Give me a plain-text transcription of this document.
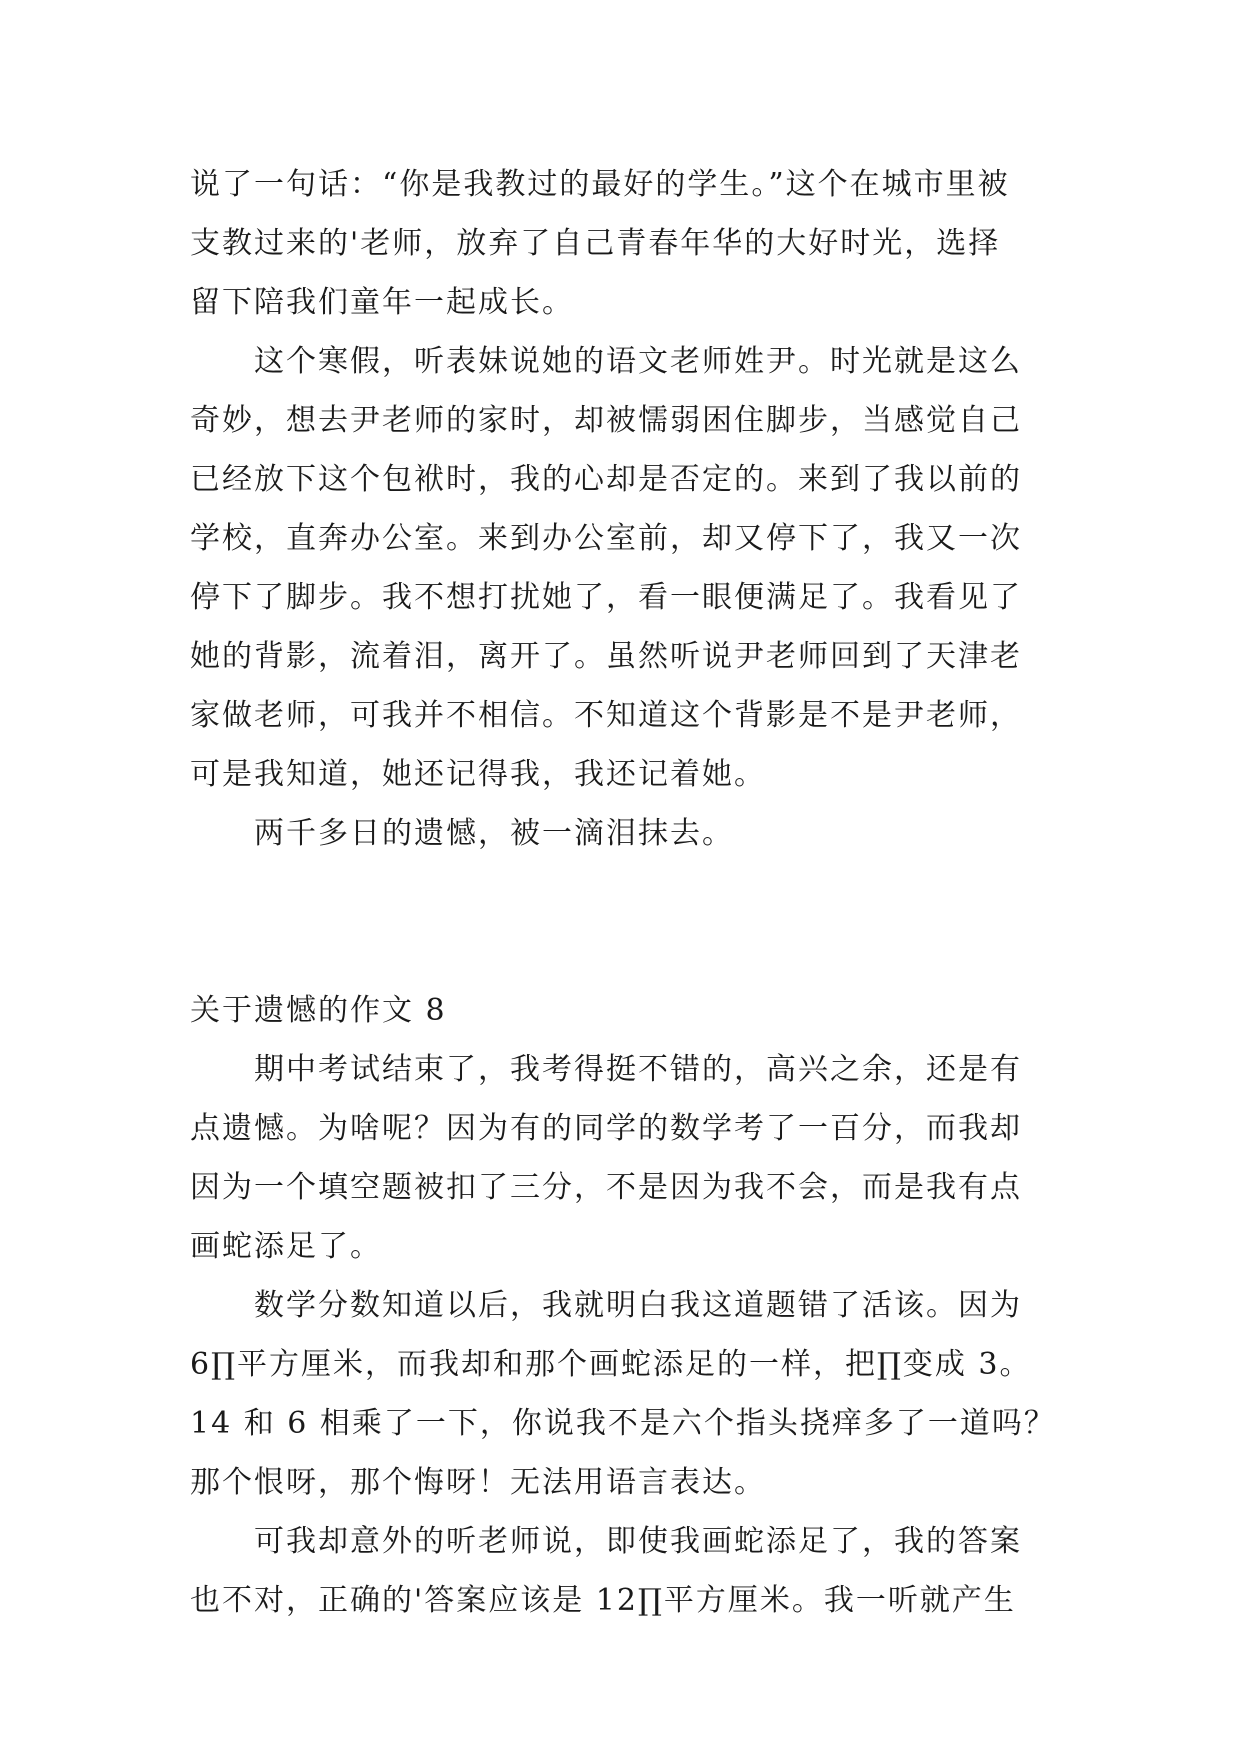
说了一句话：“你是我教过的最好的学生。”这个在城市里被
支教过来的'老师，放弃了自己青春年华的大好时光，选择
留下陪我们童年一起成长。
这个寒假，听表妹说她的语文老师姓尹。时光就是这么
奇妙，想去尹老师的家时，却被懦弱困住脚步，当感觉自己
已经放下这个包袱时，我的心却是否定的。来到了我以前的
学校，直奔办公室。来到办公室前，却又停下了，我又一次
停下了脚步。我不想打扰她了，看一眼便满足了。我看见了
她的背影，流着泪，离开了。虽然听说尹老师回到了天津老
家做老师，可我并不相信。不知道这个背影是不是尹老师，
可是我知道，她还记得我，我还记着她。
两千多日的遗憾，被一滴泪抹去。
关于遗憾的作文 8
期中考试结束了，我考得挺不错的，高兴之余，还是有
点遗憾。为啥呢？因为有的同学的数学考了一百分，而我却
因为一个填空题被扣了三分，不是因为我不会，而是我有点
画蛇添足了。
数学分数知道以后，我就明白我这道题错了活该。因为
6∏平方厘米，而我却和那个画蛇添足的一样，把∏变成 3。
14 和 6 相乘了一下，你说我不是六个指头挠痒多了一道吗？
那个恨呀，那个悔呀！无法用语言表达。
可我却意外的听老师说，即使我画蛇添足了，我的答案
也不对，正确的'答案应该是 12∏平方厘米。我一听就产生
